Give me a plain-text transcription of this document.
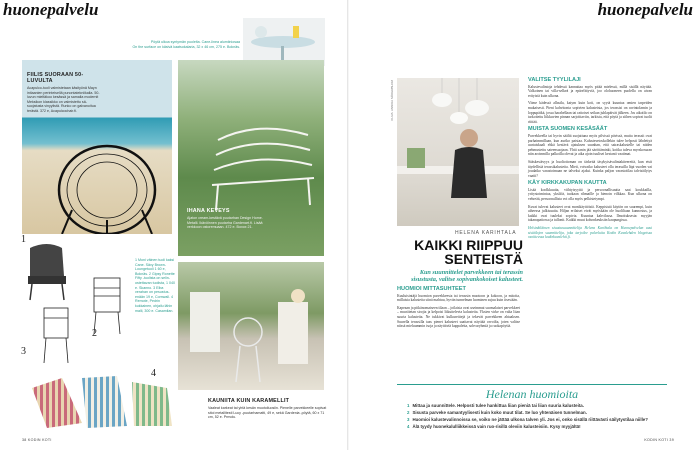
huonepalvelu
Pöytä ulkoa syntymän puolelta. Cane-linea alumiiniosaa
On the surface on käsivä kaatsokalaria, 32 x 46 cm, 275 e. Boknäs.
FIILIS SUORAAN 50-LUVULTA
Acapulco-tuoli valmistetaan käsityönä Mayn intiaanien perinteisellä punontatekniikalla. 50-luvun mieltäkoo kesässä ja samalla modernit Meksikon klassikko on valmistettu sä-suojatusta vinyylistä. Runko on galvanoitua terästä. 372 e, Acapulcochair.fi.
IHANA KEVEYS
Ajaton cream-kestävä puutarhan Design Home. Metalli. Ikävöinnen puutarha Gardenart.fi. Lisää verkkoon ostoremuaan. 472 e. Boxox 21.
1
2
3
4
1 Moni väinen tuoli kaksi Cane. Sävy Brown-Loungetuoli 1 60 e, Boknäs. 2 Gipsy Ronette Fifty -tuolista on selin- ostettavan tuolista, 1 040 e. Skanno. 3 Elba verahan on pesustus-enään 19 e, Cornwall. 4 Remote, Pedrin kukkainen, ohjailu lähin malli, 300 e. Casamilan.
KAUNIITA KUIN KARAMELLIT
Vaaleat karkeat tai yhtä kesän muotoiluosiin. Pienelle parvekkeelle sopivat sitoi metallitesti Lucy -puutarhamatti, 49 e, sekä Gardenia -pöytä, 60 x 71 cm, 52 e. Prmolu.
38 KODIN KOTI
huonepalvelu
KUVA: ANNIKA SÖDERBLOM
HELENA KARIHTALA
KAIKKI RIIPPUU
SENTEISTÄ
Kun suunnittelet parvekkeen tai terassin sisustusta, valitse sopivankokoiset kalusteet.
HUOMIOI MITTASUHTEET
Kuuluisintäjä huomion parvekkeesta tai terassin muotoon ja kokoon, ja mitoita, millaisia kalusteita siinä mahtuu, hyvän tunnelman luominen sujuu kuin itsestään.
Kapeaan ja pitkänomaiseen tilaan – joilaisia ovat useimmat suomalaiset parvekkeet – muotitetan sirojia ja kelpoisi liikuttelevia kalusteita. Yksien virke on valta liian suuria kalusteita. Ne tukkivat kulkureittejä ja tekevät parvekkeen ahtaaksen. Suurella terassilla taas pienet kalusteet saattavat näyttää orvoilta, joten valitse niissä mieluummin isoja ja näyttäviä kappaleita, sohvaryhmiä ja ruokapöytiä.
VALITSE TYYLILAJI
Kalustevalintoja tehdessä kannattaa myös pitää mielessä, millä sisällä näyttää. Valkoinen tai villa-selkeä ja epärelittyviä, joo olohuoneen puolella on aivan erityistä kuin ulkona.
Viime kädessä allastla, kaiym kuin koti, on syytä kuuntaa omien tarpeiden mukaisesti. Pieni kahvitonta sopivien kalusteista, jos terassisi on ravintolamin ja loppupäikä, jossa harahellaan tai rattoiset seikan juhlapäivät jälkeen. Jos aikoiilo on tarkoitettu liikkuvien pinnan sarjoittaviin, tarkista, että pöytä ja siihen sopivat tuolit riittää.
MUISTA SUOMEN KESÄSÄÄT
Parvekkeella tai hyvin säältä suojattuna myös pilvissä pävissä, mutta terassit ovat parhaimmillaan, kun auriko paistaa. Kalustesetoskollekin tulee helposti lähdettyä uurtaiskaali ehkä kestävä ajatuksen suunhan, että sairaskalustelle tai niiden pehmustettu sateensuojaan. Yhtä sanin jää säröttäminki, koitka tuleva myrskosuran niin aroinmilla palkoilla olevat ja aika ajoin tuulisei kestanti vaatimat.
Sääskestävyys ja huoltottoman on tärkeitä täsykyisävalintakiteereitä, kun etsit täydellisiä terassikalusteita. Mieti, voivatko kalusteet olla terassilla läpi vuoden vai joudatko varastoimaan ne talveksi ajaksi. Kuinka paljon varastotilaa talvisäilytys vaatii?
KÄY KIRKKAKUPAN KAUTTA
Lisää koolkkuutta, viihtyisyyttä ja persoonallisuutta saat koukkailla, yritystoimintaa, yksilöä, tuokaan rihmaille ja hienoin vilkkaa. Kun ulkona on vehreää, persoonallista voi olla myös pelkistetympi.
Kuvat tulevat kalusteet ovat monikäyttöisiä. Keppisistä käytön on suurempi, kuin aiheessa julkisuutta. Hiljan erilaiset eivät myöskään ole huoliltaan kunnostus, ja kaikki ovat tuuleksi sopivia. Kuuntaa kahvilassa. Ilmoituksesta: myyjän takanapatiossa ja tallonit. Kaikki muut kohonkeuksiin kaupungissa.
Helsinkiläinen sisustussuunnittelija Helena Karihtala on Huonepalvelun uusi sisätilojen suunnittelija, joka tarjoilee palveluita Kodin Kuvalehden blogeissa osoitteessa kodinkuvalehti.fi.
Helenan huomioita
1 Mittaa ja suunnittele. Helposti tulee hankittua liian pieniä tai liian suuria kalusteita.
2 Sisusta parveke samantyylisesti kuin koko muut tilat. Se luo yhtenäisen tunnelman.
3 Huomioi kalustevalinnoissa se, voiko ne jättää ulkona talven yli. Jos ei, onko sisällä riittävästi säilytystilaa niille?
4 Älä tyydy huonekalulliikkeissä vain ruo-risillä oleviin kalusteisiin. Kysy myyjältä!
KODIN KOTI 39
